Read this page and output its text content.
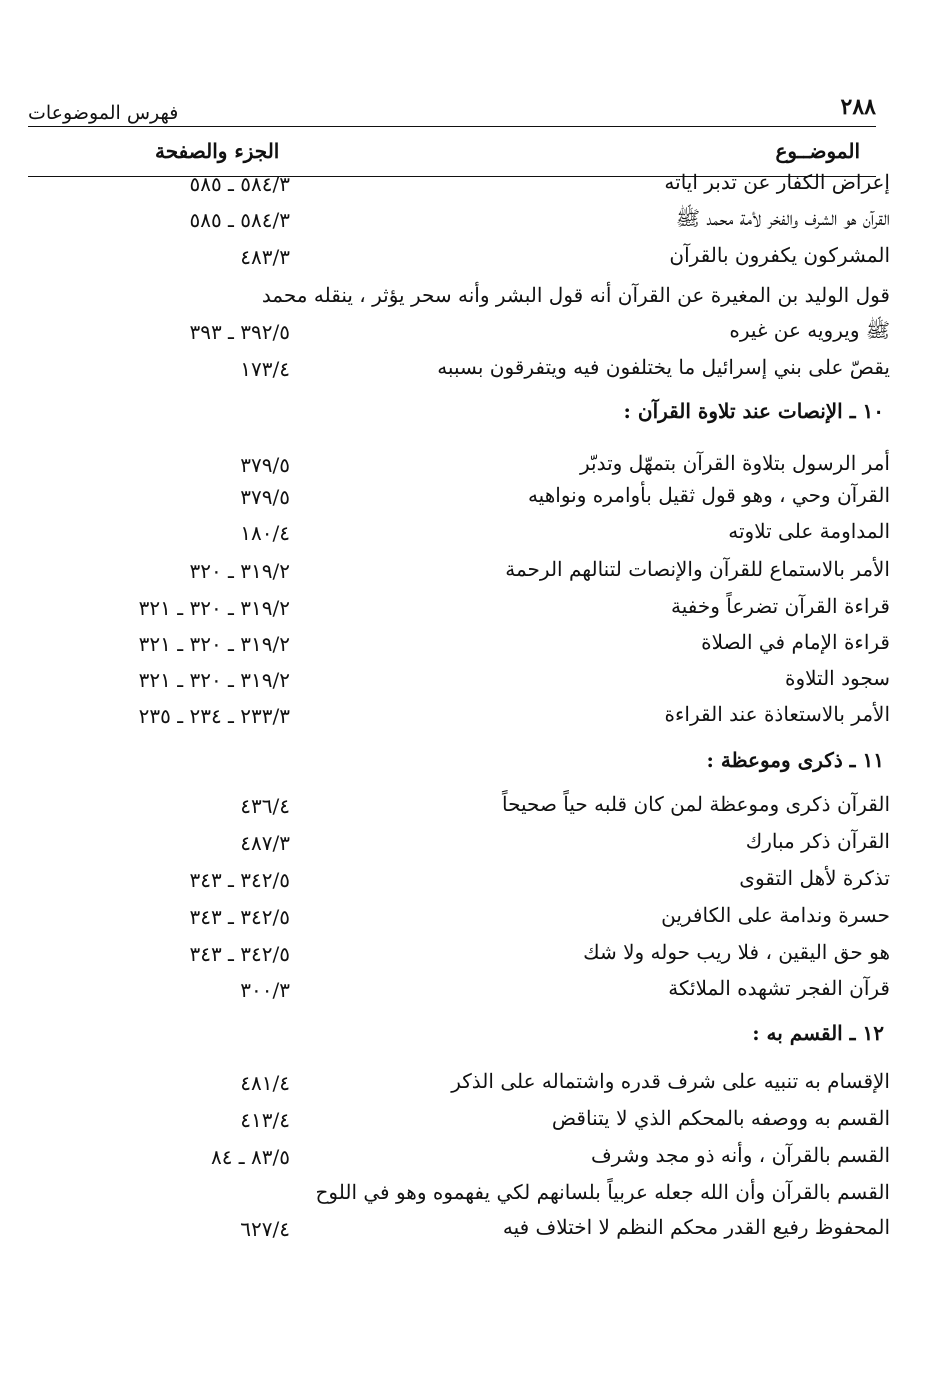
٢٨٨
فهرس الموضوعات
الموضــوع
الجزء والصفحة
إعراض الكفار عن تدبر اياته
٥٨٤/٣ ـ ٥٨٥
القرآن هو الشرف والفخر لأمة محمد ﷺ
٥٨٤/٣ ـ ٥٨٥
المشركون يكفرون بالقرآن
٤٨٣/٣
قول الوليد بن المغيرة عن القرآن أنه قول البشر وأنه سحر يؤثر ، ينقله محمد
ﷺ ويرويه عن غيره
٣٩٢/٥ ـ ٣٩٣
يقصّ على بني إسرائيل ما يختلفون فيه ويتفرقون بسببه
١٧٣/٤
١٠ ـ الإنصات عند تلاوة القرآن :
أمر الرسول بتلاوة القرآن بتمهّل وتدبّر
٣٧٩/٥
القرآن وحي ، وهو قول ثقيل بأوامره ونواهيه
٣٧٩/٥
المداومة على تلاوته
١٨٠/٤
الأمر بالاستماع للقرآن والإنصات لتنالهم الرحمة
٣١٩/٢ ـ ٣٢٠
قراءة القرآن تضرعاً وخفية
٣١٩/٢ ـ ٣٢٠ ـ ٣٢١
قراءة الإمام في الصلاة
٣١٩/٢ ـ ٣٢٠ ـ ٣٢١
سجود التلاوة
٣١٩/٢ ـ ٣٢٠ ـ ٣٢١
الأمر بالاستعاذة عند القراءة
٢٣٣/٣ ـ ٢٣٤ ـ ٢٣٥
١١ ـ ذكرى وموعظة :
القرآن ذكرى وموعظة لمن كان قلبه حياً صحيحاً
٤٣٦/٤
القرآن ذكر مبارك
٤٨٧/٣
تذكرة لأهل التقوى
٣٤٢/٥ ـ ٣٤٣
حسرة وندامة على الكافرين
٣٤٢/٥ ـ ٣٤٣
هو حق اليقين ، فلا ريب حوله ولا شك
٣٤٢/٥ ـ ٣٤٣
قرآن الفجر تشهده الملائكة
٣٠٠/٣
١٢ ـ القسم به :
الإقسام به تنبيه على شرف قدره واشتماله على الذكر
٤٨١/٤
القسم به ووصفه بالمحكم الذي لا يتناقض
٤١٣/٤
القسم بالقرآن ، وأنه ذو مجد وشرف
٨٣/٥ ـ ٨٤
القسم بالقرآن وأن الله جعله عربياً بلسانهم لكي يفهموه وهو في اللوح
المحفوظ رفيع القدر محكم النظم لا اختلاف فيه
٦٢٧/٤
